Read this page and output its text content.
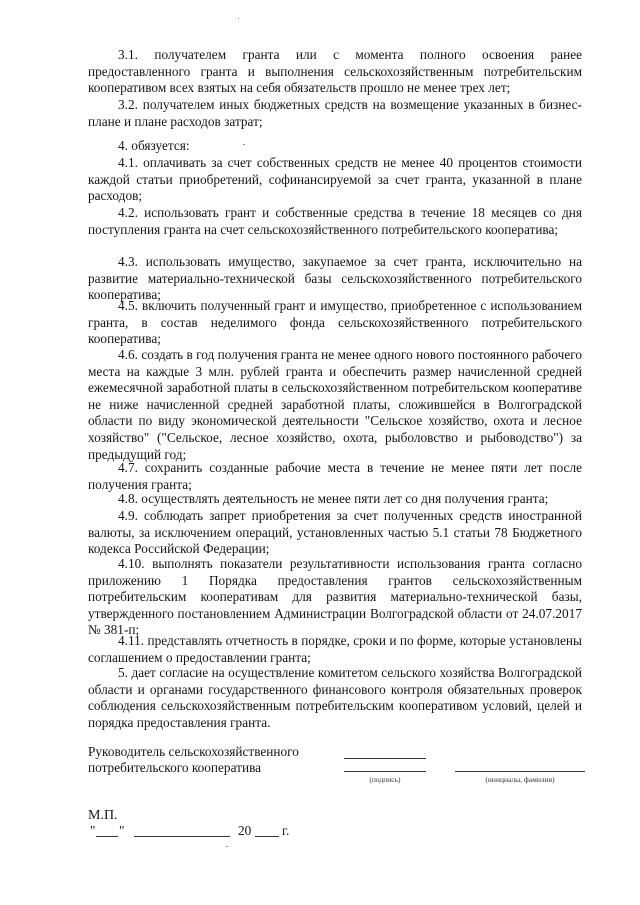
3.1. получателем гранта или с момента полного освоения ранее предоставленного гранта и выполнения сельскохозяйственным потребительским кооперативом всех взятых на себя обязательств прошло не менее трех лет;

3.2. получателем иных бюджетных средств на возмещение указанных в бизнес-плане и плане расходов затрат;

4. обязуется:

4.1. оплачивать за счет собственных средств не менее 40 процентов стоимости каждой статьи приобретений, софинансируемой за счет гранта, указанной в плане расходов;

4.2. использовать грант и собственные средства в течение 18 месяцев со дня поступления гранта на счет сельскохозяйственного потребительского кооператива;

4.3. использовать имущество, закупаемое за счет гранта, исключительно на развитие материально-технической базы сельскохозяйственного потребительского кооператива;

4.5. включить полученный грант и имущество, приобретенное с использованием гранта, в состав неделимого фонда сельскохозяйственного потребительского кооператива;

4.6. создать в год получения гранта не менее одного нового постоянного рабочего места на каждые 3 млн. рублей гранта и обеспечить размер начисленной средней ежемесячной заработной платы в сельскохозяйственном потребительском кооперативе не ниже начисленной средней заработной платы, сложившейся в Волгоградской области по виду экономической деятельности "Сельское хозяйство, охота и лесное хозяйство" ("Сельское, лесное хозяйство, охота, рыболовство и рыбоводство") за предыдущий год;

4.7. сохранить созданные рабочие места в течение не менее пяти лет после получения гранта;

4.8. осуществлять деятельность не менее пяти лет со дня получения гранта;

4.9. соблюдать запрет приобретения за счет полученных средств иностранной валюты, за исключением операций, установленных частью 5.1 статьи 78 Бюджетного кодекса Российской Федерации;

4.10. выполнять показатели результативности использования гранта согласно приложению 1 Порядка предоставления грантов сельскохозяйственным потребительским кооперативам для развития материально-технической базы, утвержденного постановлением Администрации Волгоградской области от 24.07.2017 № 381-п;

4.11. представлять отчетность в порядке, сроки и по форме, которые установлены соглашением о предоставлении гранта;

5. дает согласие на осуществление комитетом сельского хозяйства Волгоградской области и органами государственного финансового контроля обязательных проверок соблюдения сельскохозяйственным потребительским кооперативом условий, целей и порядка предоставления гранта.

Руководитель сельскохозяйственного
потребительского кооператива
(подпись)	(инициалы, фамилия)
М.П.
" "	20 г.
